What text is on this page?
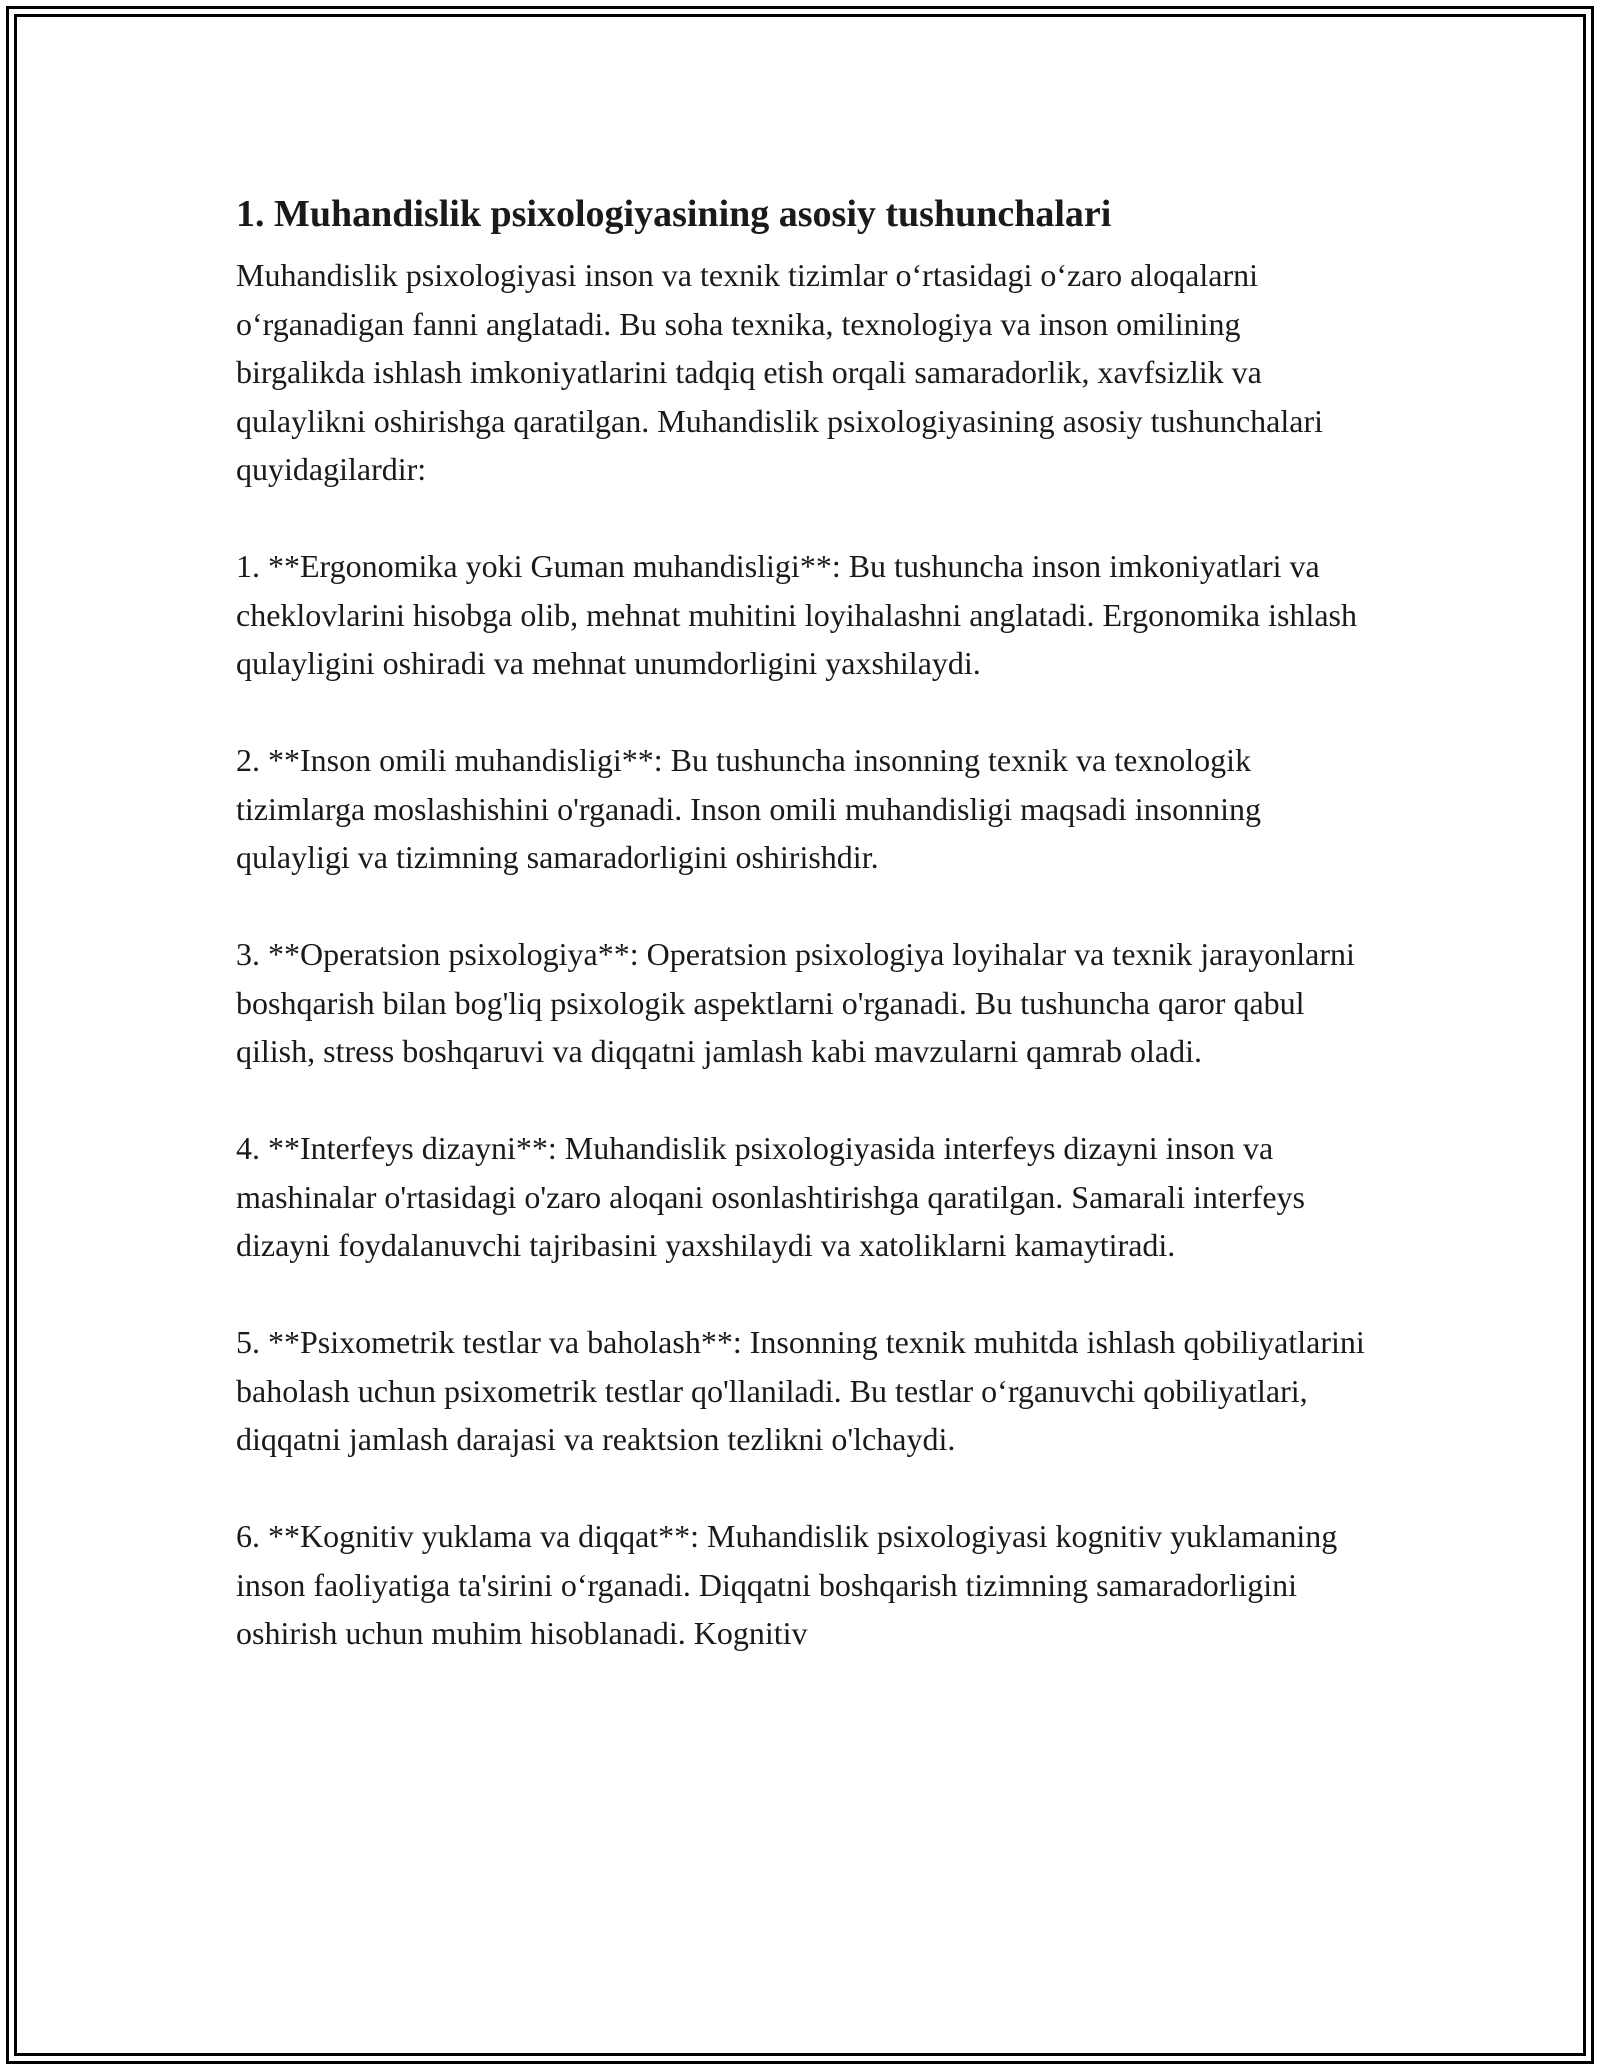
1. Muhandislik psixologiyasining asosiy tushunchalari

Muhandislik psixologiyasi inson va texnik tizimlar o‘rtasidagi o‘zaro aloqalarni o‘rganadigan fanni anglatadi. Bu soha texnika, texnologiya va inson omilining birgalikda ishlash imkoniyatlarini tadqiq etish orqali samaradorlik, xavfsizlik va qulaylikni oshirishga qaratilgan. Muhandislik psixologiyasining asosiy tushunchalari quyidagilardir:

1. **Ergonomika yoki Guman muhandisligi**: Bu tushuncha inson imkoniyatlari va cheklovlarini hisobga olib, mehnat muhitini loyihalashni anglatadi. Ergonomika ishlash qulayligini oshiradi va mehnat unumdorligini yaxshilaydi.

2. **Inson omili muhandisligi**: Bu tushuncha insonning texnik va texnologik tizimlarga moslashishini o'rganadi. Inson omili muhandisligi maqsadi insonning qulayligi va tizimning samaradorligini oshirishdir.

3. **Operatsion psixologiya**: Operatsion psixologiya loyihalar va texnik jarayonlarni boshqarish bilan bog'liq psixologik aspektlarni o'rganadi. Bu tushuncha qaror qabul qilish, stress boshqaruvi va diqqatni jamlash kabi mavzularni qamrab oladi.

4. **Interfeys dizayni**: Muhandislik psixologiyasida interfeys dizayni inson va mashinalar o'rtasidagi o'zaro aloqani osonlashtirishga qaratilgan. Samarali interfeys dizayni foydalanuvchi tajribasini yaxshilaydi va xatoliklarni kamaytiradi.

5. **Psixometrik testlar va baholash**: Insonning texnik muhitda ishlash qobiliyatlarini baholash uchun psixometrik testlar qo'llaniladi. Bu testlar o‘rganuvchi qobiliyatlari, diqqatni jamlash darajasi va reaktsion tezlikni o'lchaydi.

6. **Kognitiv yuklama va diqqat**: Muhandislik psixologiyasi kognitiv yuklamaning inson faoliyatiga ta'sirini o‘rganadi. Diqqatni boshqarish tizimning samaradorligini oshirish uchun muhim hisoblanadi. Kognitiv
